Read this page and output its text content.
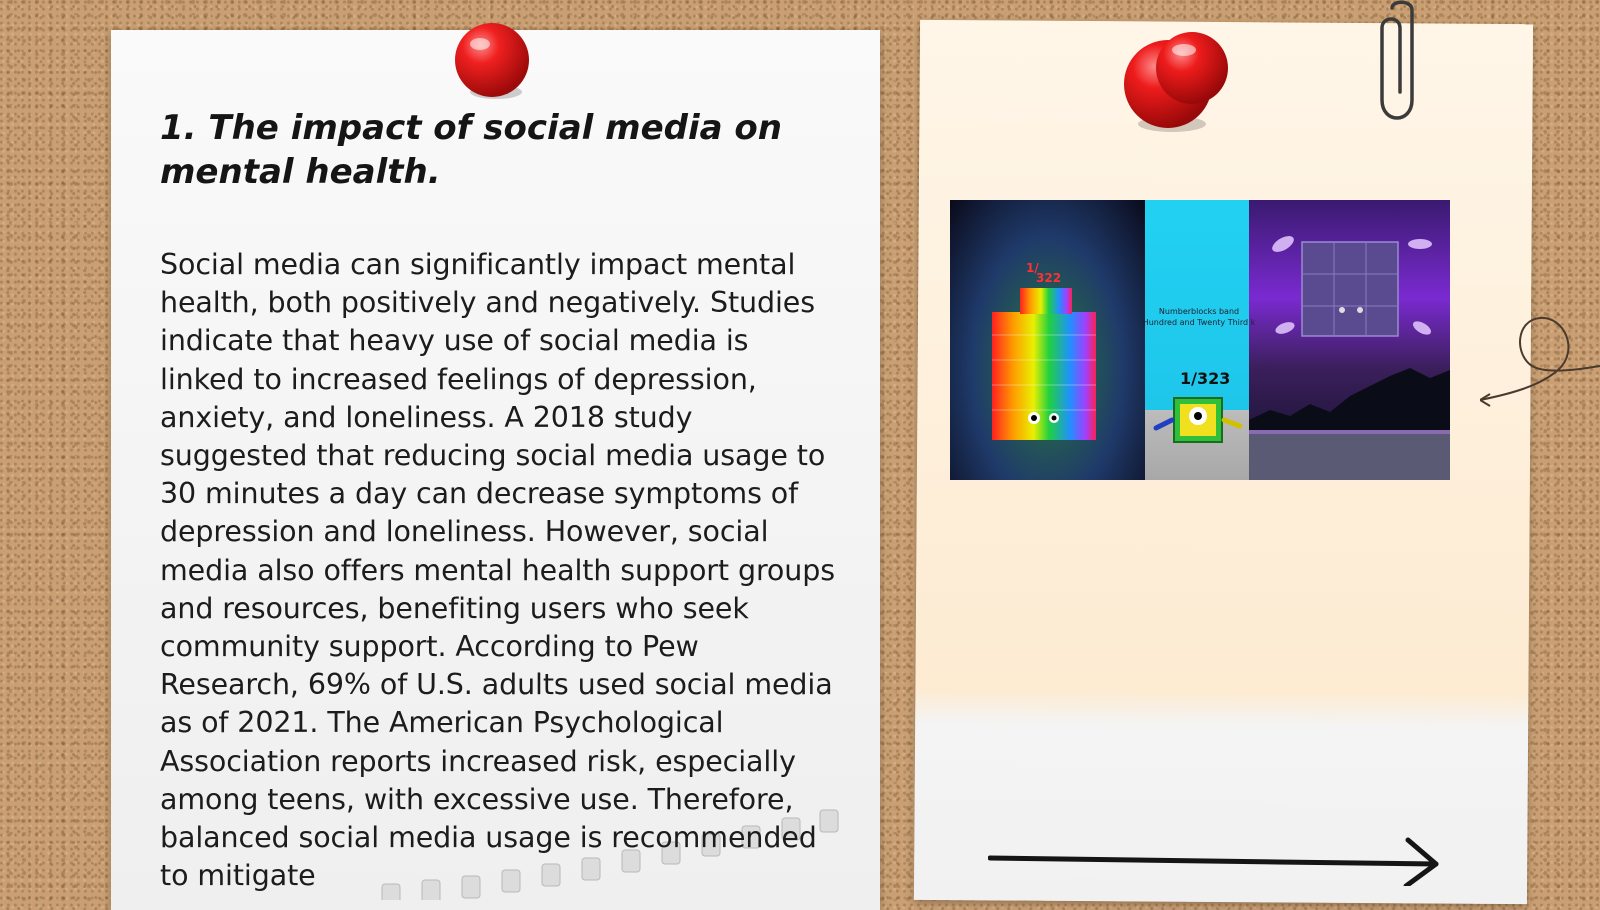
1. The impact of social media on mental health.

Social media can significantly impact mental health, both positively and negatively. Studies indicate that heavy use of social media is linked to increased feelings of depression, anxiety, and loneliness. A 2018 study suggested that reducing social media usage to 30 minutes a day can decrease symptoms of depression and loneliness. However, social media also offers mental health support groups and resources, benefiting users who seek community support. According to Pew Research, 69% of U.S. adults used social media as of 2021. The American Psychological Association reports increased risk, especially among teens, with excessive use. Therefore, balanced social media usage is recommended to mitigate

1/
322
Numberblocks band
Hundred and Twenty Third k
1/323
